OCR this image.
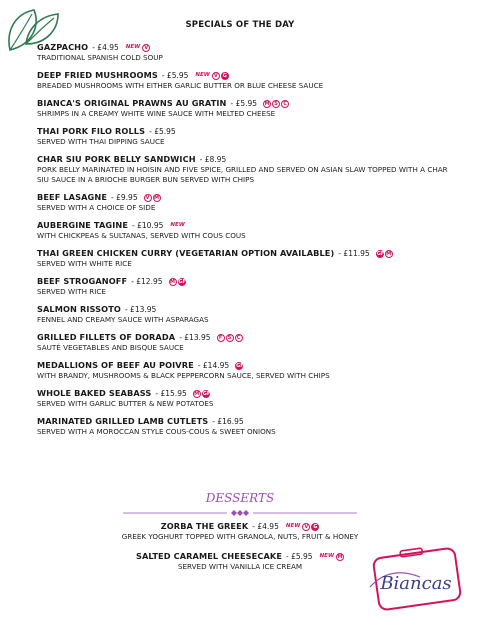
SPECIALS OF THE DAY
GAZPACHO - £4.95 NEW V
TRADITIONAL SPANISH COLD SOUP
DEEP FRIED MUSHROOMS - £5.95 NEW V	G
BREADED MUSHROOMS WITH EITHER GARLIC BUTTER OR BLUE CHEESE SAUCE
BIANCA'S ORIGINAL PRAWNS AU GRATIN - £5.95	M S	C
SHRIMPS IN A CREAMY WHITE WINE SAUCE WITH MELTED CHEESE
THAI PORK FILO ROLLS - £5.95
SERVED WITH THAI DIPPING SAUCE
CHAR SIU PORK BELLY SANDWICH - £8.95
PORK BELLY MARINATED IN HOISIN AND FIVE SPICE, GRILLED AND SERVED ON ASIAN SLAW TOPPED WITH A CHAR SIU SAUCE IN A BRIOCHE BURGER BUN SERVED WITH CHIPS
BEEF LASAGNE - £9.95	V M
SERVED WITH A CHOICE OF SIDE
AUBERGINE TAGINE - £10.95 NEW
WITH CHICKPEAS & SULTANAS, SERVED WITH COUS COUS
THAI GREEN CHICKEN CURRY (VEGETARIAN OPTION AVAILABLE) - £11.95 GF M
SERVED WITH WHITE RICE
BEEF STROGANOFF - £12.95	M GF
SERVED WITH RICE
SALMON RISSOTO - £13.95
FENNEL AND CREAMY SAUCE WITH ASPARAGAS
GRILLED FILLETS OF DORADA - £13.95	F	S	C
SAUTÉ VEGETABLES AND BISQUE SAUCE
MEDALLIONS OF BEEF AU POIVRE - £14.95 GF
WITH BRANDY, MUSHROOMS & BLACK PEPPERCORN SAUCE, SERVED WITH CHIPS
WHOLE BAKED SEABASS - £15.95	M GF
SERVED WITH GARLIC BUTTER & NEW POTATOES
MARINATED GRILLED LAMB CUTLETS - £16.95
SERVED WITH A MOROCCAN STYLE COUS-COUS & SWEET ONIONS
DESSERTS
ZORBA THE GREEK - £4.95 NEW V	G
GREEK YOGHURT TOPPED WITH GRANOLA, NUTS, FRUIT & HONEY
SALTED CARAMEL CHEESECAKE - £5.95 NEW M
SERVED WITH VANILLA ICE CREAM
Biancas
